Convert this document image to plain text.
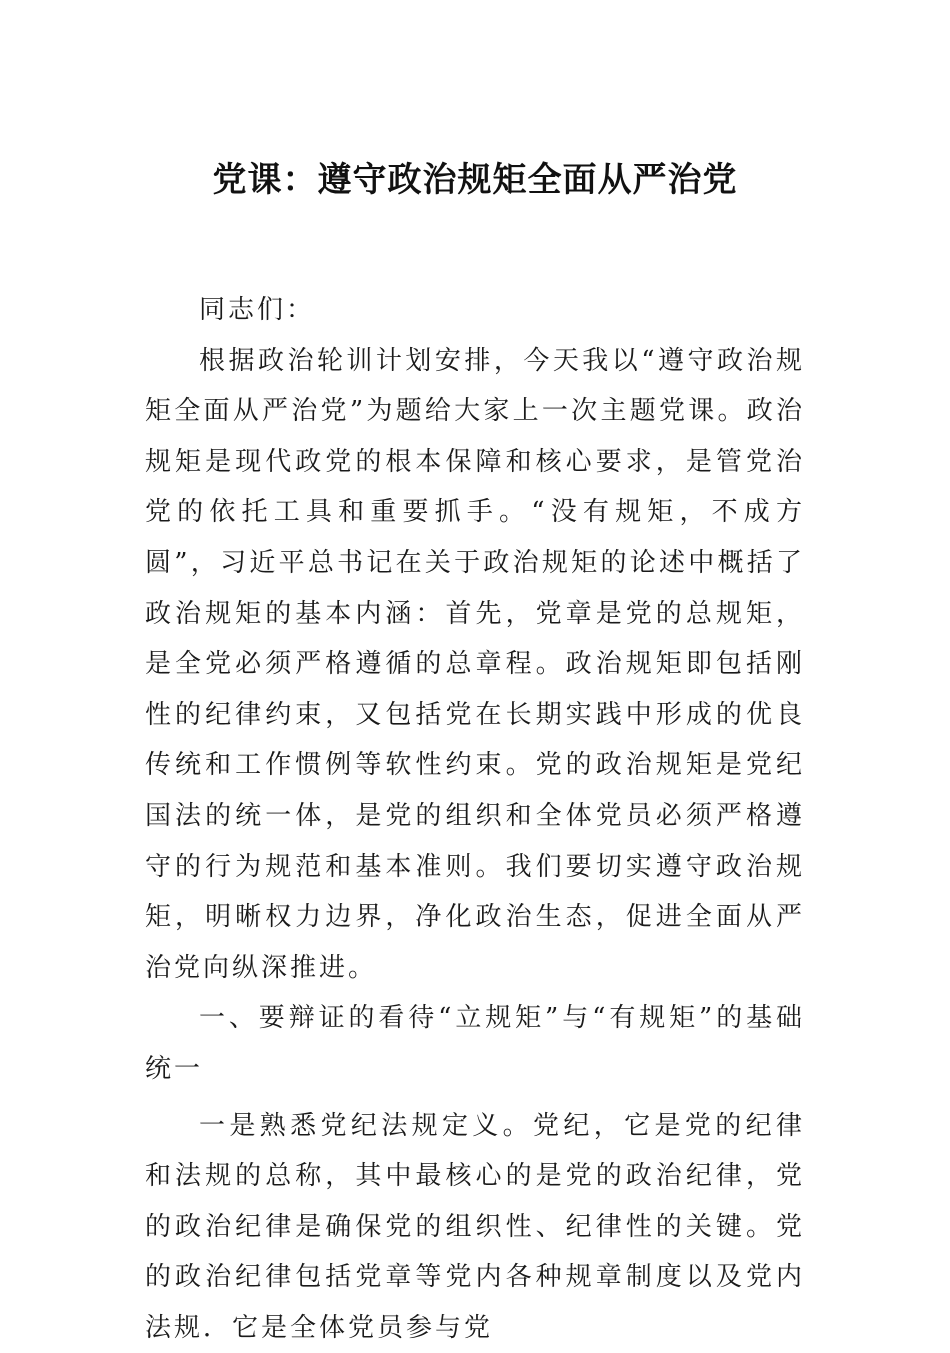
党课：遵守政治规矩全面从严治党

同志们：

根据政治轮训计划安排，今天我以“遵守政治规矩全面从严治党”为题给大家上一次主题党课。政治规矩是现代政党的根本保障和核心要求，是管党治党的依托工具和重要抓手。“没有规矩，不成方圆”，习近平总书记在关于政治规矩的论述中概括了政治规矩的基本内涵：首先，党章是党的总规矩，是全党必须严格遵循的总章程。政治规矩即包括刚性的纪律约束，又包括党在长期实践中形成的优良传统和工作惯例等软性约束。党的政治规矩是党纪国法的统一体，是党的组织和全体党员必须严格遵守的行为规范和基本准则。我们要切实遵守政治规矩，明晰权力边界，净化政治生态，促进全面从严治党向纵深推进。

一、要辩证的看待“立规矩”与“有规矩”的基础统一

一是熟悉党纪法规定义。党纪，它是党的纪律和法规的总称，其中最核心的是党的政治纪律，党的政治纪律是确保党的组织性、纪律性的关键。党的政治纪律包括党章等党内各种规章制度以及党内法规．它是全体党员参与党
